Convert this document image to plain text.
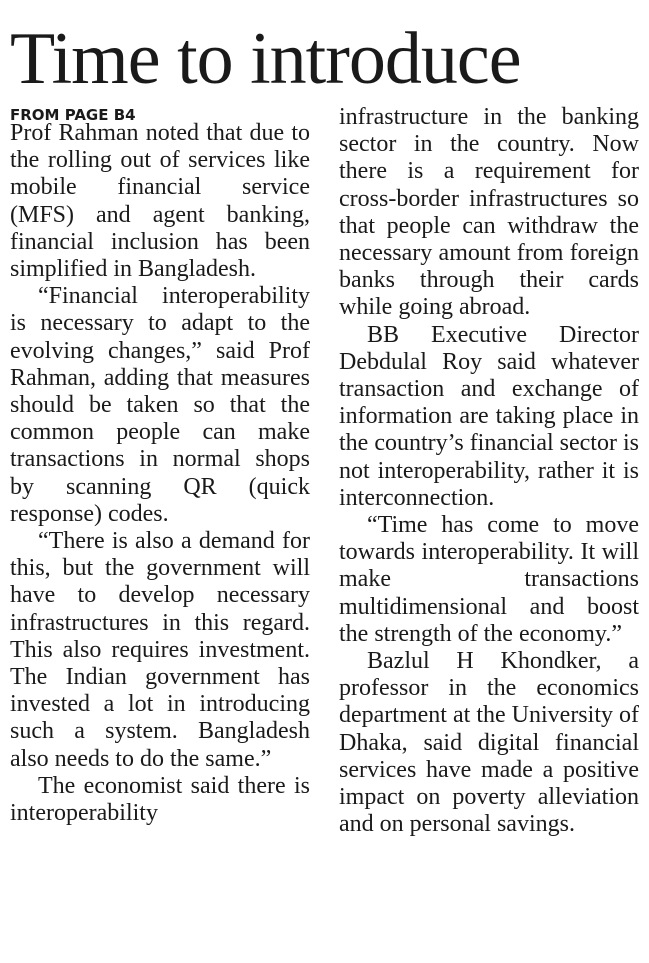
Time to introduce
FROM PAGE B4

Prof Rahman noted that due to the rolling out of services like mobile financial service (MFS) and agent banking, financial inclusion has been simplified in Bangladesh.

“Financial interoperability is necessary to adapt to the evolving changes,” said Prof Rahman, adding that measures should be taken so that the common people can make transactions in normal shops by scanning QR (quick response) codes.

“There is also a demand for this, but the government will have to develop necessary infrastructures in this regard. This also requires investment. The Indian government has invested a lot in introducing such a system. Bangladesh also needs to do the same.”

The economist said there is interoperability

infrastructure in the banking sector in the country. Now there is a requirement for cross-border infrastructures so that people can withdraw the necessary amount from foreign banks through their cards while going abroad.

BB Executive Director Debdulal Roy said whatever transaction and exchange of information are taking place in the country’s financial sector is not interoperability, rather it is interconnection.

“Time has come to move towards interoperability. It will make transactions multidimensional and boost the strength of the economy.”

Bazlul H Khondker, a professor in the economics department at the University of Dhaka, said digital financial services have made a positive impact on poverty alleviation and on personal savings.
